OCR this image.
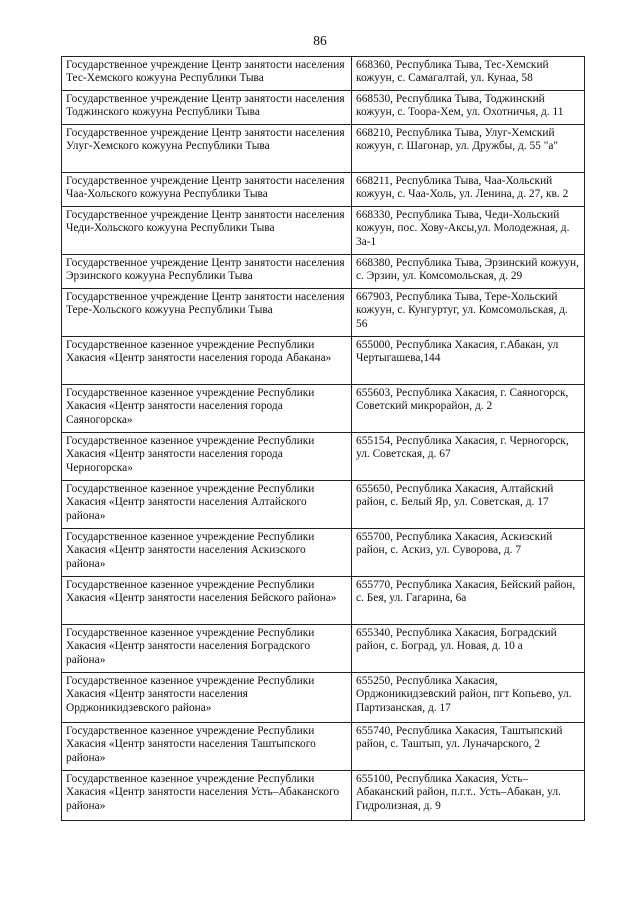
86
Государственное учреждение Центр занятости населения Тес-Хемского кожууна Республики Тыва	668360, Республика Тыва, Тес-Хемский кожуун, с. Самагалтай, ул. Кунаа, 58
Государственное учреждение Центр занятости населения Тоджинского кожууна Республики Тыва	668530, Республика Тыва, Тоджинский кожуун, с. Тоора-Хем, ул. Охотничья, д. 11
Государственное учреждение Центр занятости населения Улуг-Хемского кожууна Республики Тыва	668210, Республика Тыва, Улуг-Хемский кожуун, г. Шагонар, ул. Дружбы, д. 55 "а"
Государственное учреждение Центр занятости населения Чаа-Хольского кожууна Республики Тыва	668211, Республика Тыва, Чаа-Хольский кожуун, с. Чаа-Холь, ул. Ленина, д. 27, кв. 2
Государственное учреждение Центр занятости населения Чеди-Хольского кожууна Республики Тыва	668330, Республика Тыва, Чеди-Хольский кожуун, пос. Хову-Аксы,ул. Молодежная, д. 3а-1
Государственное учреждение Центр занятости населения Эрзинского кожууна Республики Тыва	668380, Республика Тыва, Эрзинский кожуун, с. Эрзин, ул. Комсомольская, д. 29
Государственное учреждение Центр занятости населения Тере-Хольского кожууна Республики Тыва	667903, Республика Тыва, Тере-Хольский кожуун, с. Кунгуртуг, ул. Комсомольская, д. 56
Государственное казенное учреждение Республики Хакасия «Центр занятости населения города Абакана»	655000, Республика Хакасия, г.Абакан, ул Чертыгашева,144
Государственное казенное учреждение Республики Хакасия «Центр занятости населения города Саяногорска»	655603, Республика Хакасия, г. Саяногорск, Советский микрорайон, д. 2
Государственное казенное учреждение Республики Хакасия «Центр занятости населения города Черногорска»	655154, Республика Хакасия, г. Черногорск, ул. Советская, д. 67
Государственное казенное учреждение Республики Хакасия «Центр занятости населения Алтайского района»	655650, Республика Хакасия, Алтайский район, с. Белый Яр, ул. Советская, д. 17
Государственное казенное учреждение Республики Хакасия «Центр занятости населения Аскизского района»	655700, Республика Хакасия, Аскизский район, с. Аскиз, ул. Суворова, д. 7
Государственное казенное учреждение Республики Хакасия «Центр занятости населения Бейского района»	655770, Республика Хакасия, Бейский район, с. Бея, ул. Гагарина, 6а
Государственное казенное учреждение Республики Хакасия «Центр занятости населения Боградского района»	655340, Республика Хакасия, Боградский район, с. Боград, ул. Новая, д. 10 а
Государственное казенное учреждение Республики Хакасия «Центр занятости населения Орджоникидзевского района»	655250, Республика Хакасия, Орджоникидзевский район, пгт Копьево, ул. Партизанская, д. 17
Государственное казенное учреждение Республики Хакасия «Центр занятости населения Таштыпского района»	655740, Республика Хакасия, Таштыпский район, с. Таштып, ул. Луначарского, 2
Государственное казенное учреждение Республики Хакасия «Центр занятости населения Усть–Абаканского района»	655100, Республика Хакасия, Усть–Абаканский район, п.г.т.. Усть–Абакан, ул. Гидролизная, д. 9
